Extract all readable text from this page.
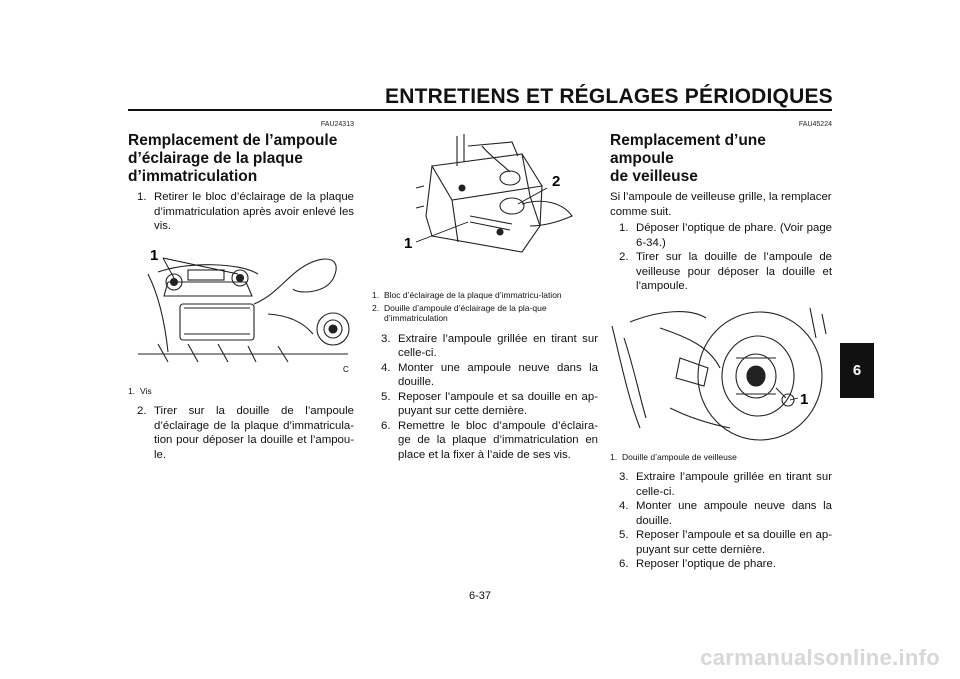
ENTRETIENS ET RÉGLAGES PÉRIODIQUES
6
FAU24313
Remplacement de l’ampoule
d’éclairage de la plaque
d’immatriculation
1. Retirer le bloc d’éclairage de la plaque d’immatriculation après avoir enlevé les vis.
1
C
1. Vis
2. Tirer sur la douille de l’ampoule d’éclairage de la plaque d’immatricula-tion pour déposer la douille et l’ampou-le.
1
2
1. Bloc d’éclairage de la plaque d’immatricu-lation
2. Douille d’ampoule d’éclairage de la pla-que d’immatriculation
3. Extraire l’ampoule grillée en tirant sur celle-ci.
4. Monter une ampoule neuve dans la douille.
5. Reposer l’ampoule et sa douille en ap-puyant sur cette dernière.
6. Remettre le bloc d’ampoule d’éclaira-ge de la plaque d’immatriculation en place et la fixer à l’aide de ses vis.
FAU45224
Remplacement d’une ampoule
de veilleuse

Si l’ampoule de veilleuse grille, la remplacer comme suit.

1. Déposer l’optique de phare. (Voir page 6-34.)
2. Tirer sur la douille de l’ampoule de veilleuse pour déposer la douille et l’ampoule.
1
1. Douille d’ampoule de veilleuse
3. Extraire l’ampoule grillée en tirant sur celle-ci.
4. Monter une ampoule neuve dans la douille.
5. Reposer l’ampoule et sa douille en ap-puyant sur cette dernière.
6. Reposer l’optique de phare.
6-37
carmanualsonline.info
